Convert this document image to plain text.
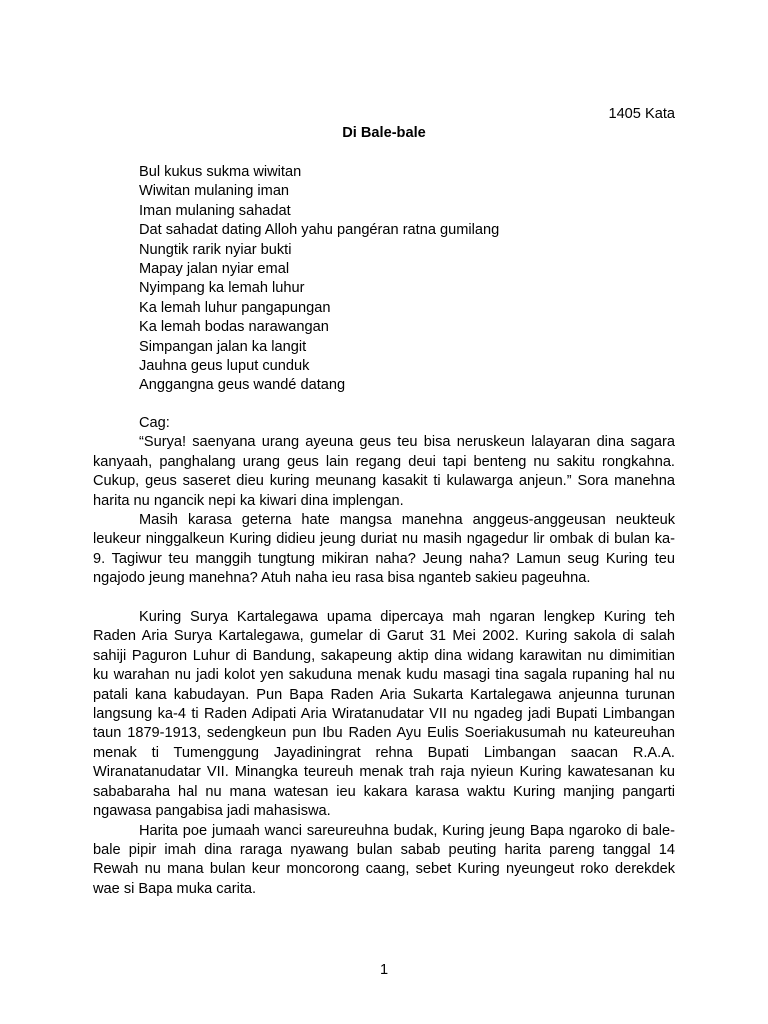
1405 Kata

Di Bale-bale

Bul kukus sukma wiwitan
Wiwitan mulaning iman
Iman mulaning sahadat
Dat sahadat dating Alloh yahu pangéran ratna gumilang
Nungtik rarik nyiar bukti
Mapay jalan nyiar emal
Nyimpang ka lemah luhur
Ka lemah luhur pangapungan
Ka lemah bodas narawangan
Simpangan jalan ka langit
Jauhna geus luput cunduk
Anggangna geus wandé datang

Cag:

“Surya! saenyana urang ayeuna geus teu bisa neruskeun lalayaran dina sagara kanyaah, panghalang urang geus lain regang deui tapi benteng nu sakitu rongkahna. Cukup, geus saseret dieu kuring meunang kasakit ti kulawarga anjeun.” Sora manehna harita nu ngancik nepi ka kiwari dina implengan.

Masih karasa geterna hate mangsa manehna anggeus-anggeusan neukteuk leukeur ninggalkeun Kuring didieu jeung duriat nu masih ngagedur lir ombak di bulan ka-9. Tagiwur teu manggih tungtung mikiran naha? Jeung naha? Lamun seug Kuring teu ngajodo jeung manehna? Atuh naha ieu rasa bisa nganteb sakieu pageuhna.

Kuring Surya Kartalegawa upama dipercaya mah ngaran lengkep Kuring teh Raden Aria Surya Kartalegawa, gumelar di Garut 31 Mei 2002. Kuring sakola di salah sahiji Paguron Luhur di Bandung, sakapeung aktip dina widang karawitan nu dimimitian ku warahan nu jadi kolot yen sakuduna menak kudu masagi tina sagala rupaning hal nu patali kana kabudayan. Pun Bapa Raden Aria Sukarta Kartalegawa anjeunna turunan langsung ka-4 ti Raden Adipati Aria Wiratanudatar VII nu ngadeg jadi Bupati Limbangan taun 1879-1913, sedengkeun pun Ibu Raden Ayu Eulis Soeriakusumah nu kateureuhan menak ti Tumenggung Jayadiningrat rehna Bupati Limbangan saacan R.A.A. Wiranatanudatar VII. Minangka teureuh menak trah raja nyieun Kuring kawatesanan ku sababaraha hal nu mana watesan ieu kakara karasa waktu Kuring manjing pangarti ngawasa pangabisa jadi mahasiswa.

Harita poe jumaah wanci sareureuhna budak, Kuring jeung Bapa ngaroko di bale-bale pipir imah dina raraga nyawang bulan sabab peuting harita pareng tanggal 14 Rewah nu mana bulan keur moncorong caang, sebet Kuring nyeungeut roko derekdek wae si Bapa muka carita.

1
